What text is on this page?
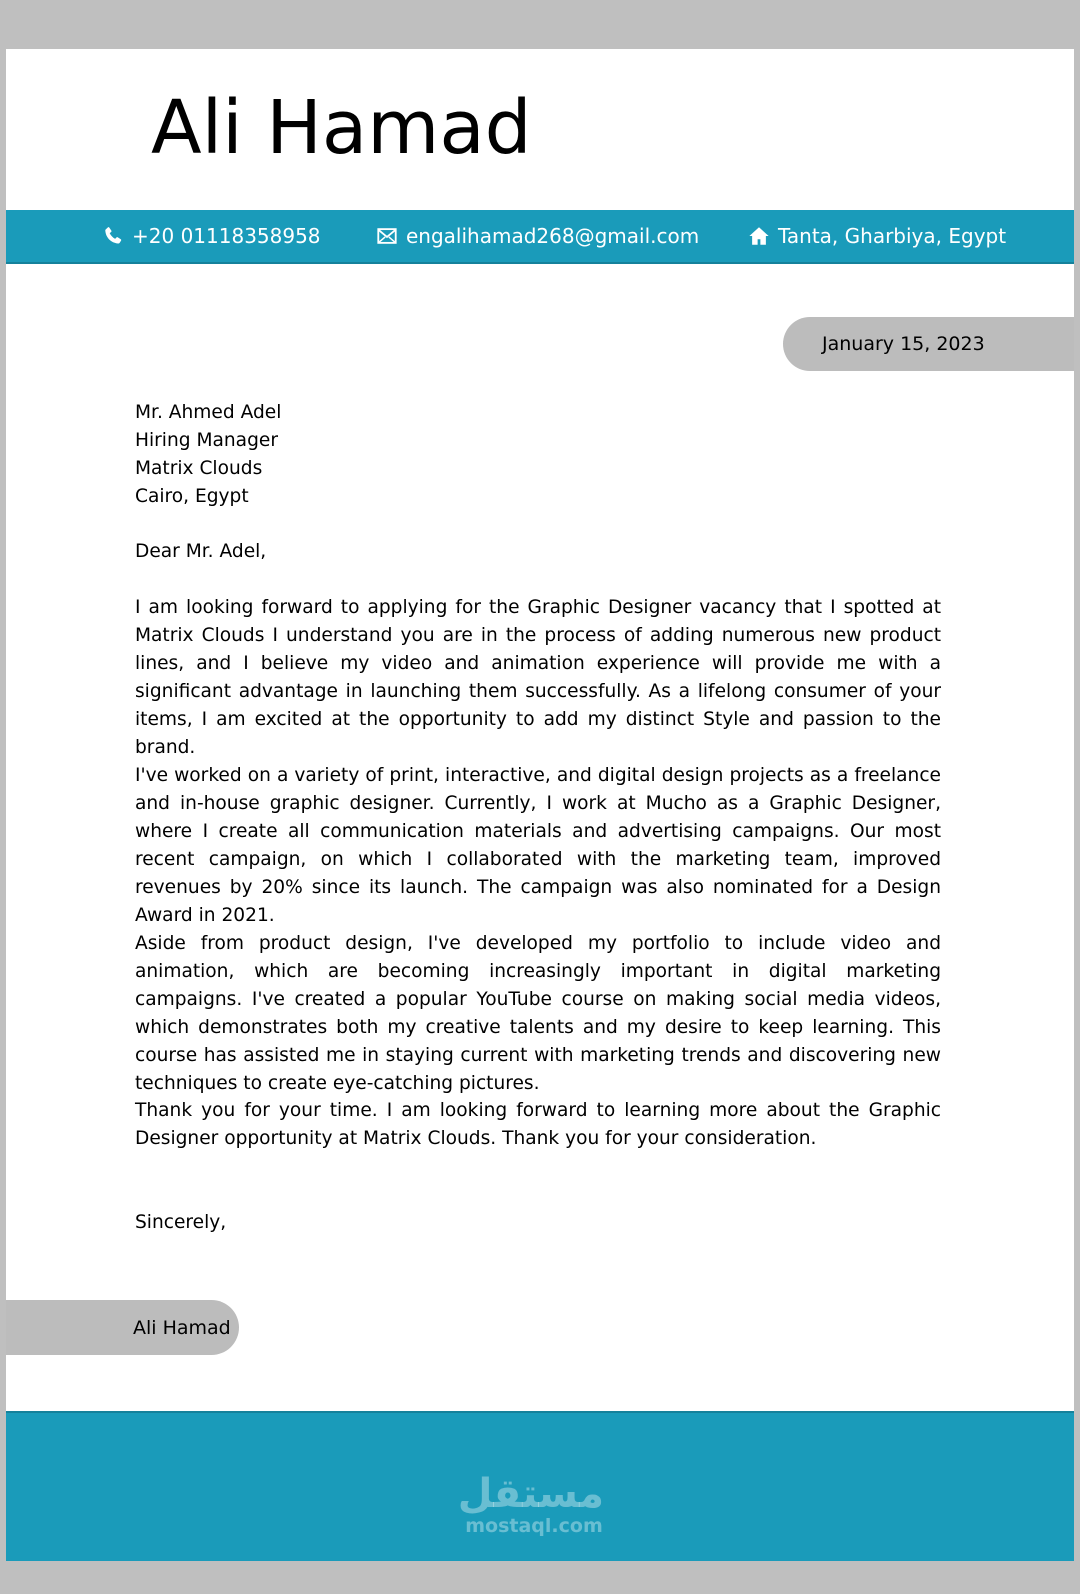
Ali Hamad
+20 01118358958	engalihamad268@gmail.com	Tanta, Gharbiya, Egypt
January 15, 2023
Mr. Ahmed Adel
Hiring Manager
Matrix Clouds
Cairo, Egypt
Dear Mr. Adel,
I am looking forward to applying for the Graphic Designer vacancy that I spotted at Matrix Clouds I understand you are in the process of adding numerous new product lines, and I believe my video and animation experience will provide me with a significant advantage in launching them successfully. As a lifelong consumer of your items, I am excited at the opportunity to add my distinct Style and passion to the brand.
I've worked on a variety of print, interactive, and digital design projects as a freelance and in-house graphic designer. Currently, I work at Mucho as a Graphic Designer, where I create all communication materials and advertising campaigns. Our most recent campaign, on which I collaborated with the marketing team, improved revenues by 20% since its launch. The campaign was also nominated for a Design Award in 2021.
Aside from product design, I've developed my portfolio to include video and animation, which are becoming increasingly important in digital marketing campaigns. I've created a popular YouTube course on making social media videos, which demonstrates both my creative talents and my desire to keep learning. This course has assisted me in staying current with marketing trends and discovering new techniques to create eye-catching pictures.
Thank you for your time. I am looking forward to learning more about the Graphic Designer opportunity at Matrix Clouds. Thank you for your consideration.
Sincerely,
Ali Hamad
مستقل
mostaql.com
